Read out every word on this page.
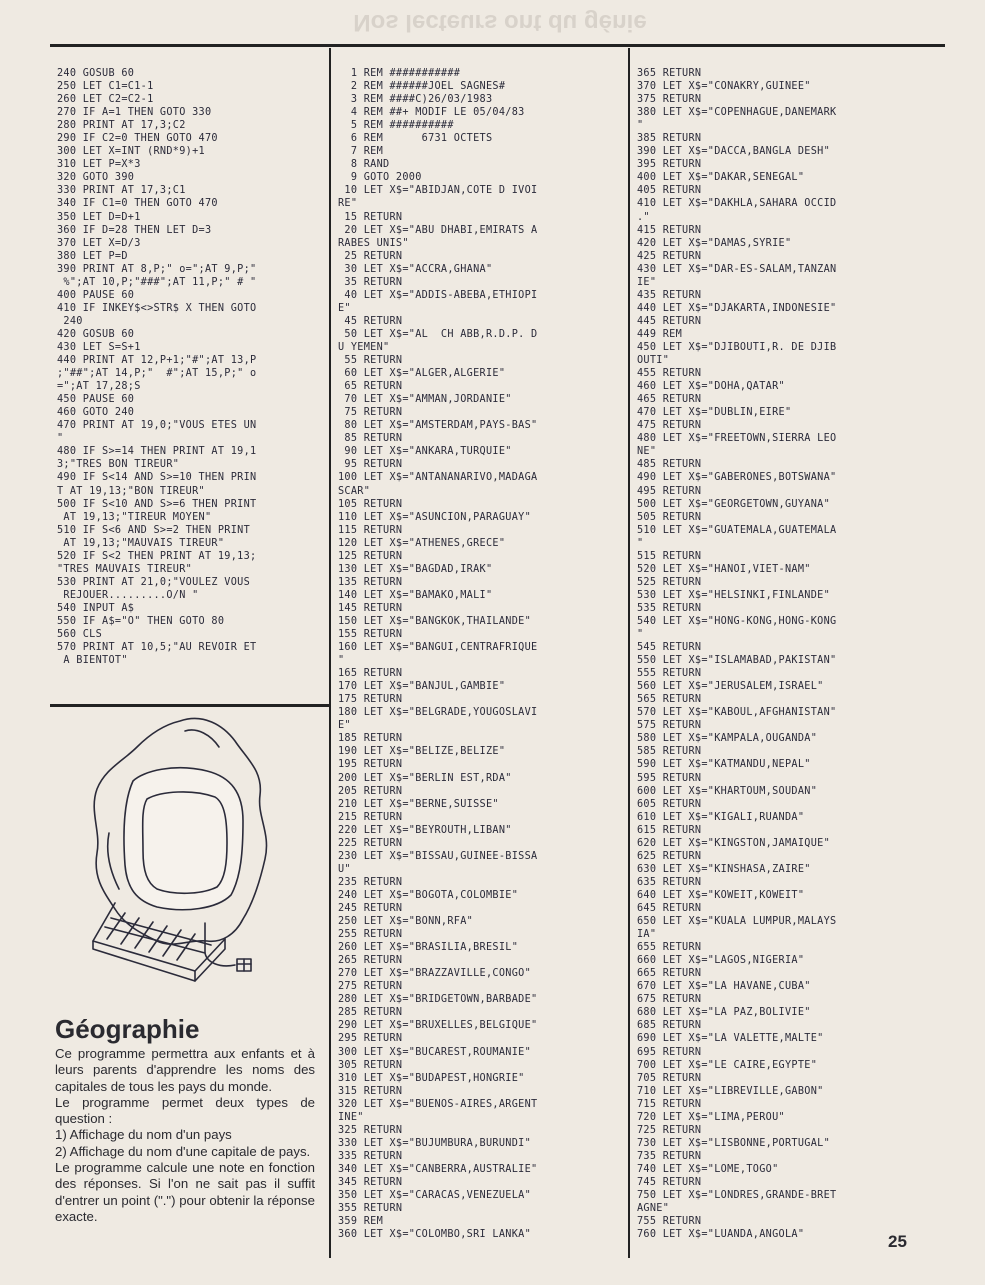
Nos lecteurs ont du génie
240 GOSUB 60
250 LET C1=C1-1
260 LET C2=C2-1
270 IF A=1 THEN GOTO 330
280 PRINT AT 17,3;C2
290 IF C2=0 THEN GOTO 470
300 LET X=INT (RND*9)+1
310 LET P=X*3
320 GOTO 390
330 PRINT AT 17,3;C1
340 IF C1=0 THEN GOTO 470
350 LET D=D+1
360 IF D=28 THEN LET D=3
370 LET X=D/3
380 LET P=D
390 PRINT AT 8,P;" o=";AT 9,P;"
%";AT 10,P;"###";AT 11,P;" # "
400 PAUSE 60
410 IF INKEY$<>STR$ X THEN GOTO
240
420 GOSUB 60
430 LET S=S+1
440 PRINT AT 12,P+1;"#";AT 13,P
;"##";AT 14,P;"  #";AT 15,P;" o
=";AT 17,28;S
450 PAUSE 60
460 GOTO 240
470 PRINT AT 19,0;"VOUS ETES UN
"
480 IF S>=14 THEN PRINT AT 19,1
3;"TRES BON TIREUR"
490 IF S<14 AND S>=10 THEN PRIN
T AT 19,13;"BON TIREUR"
500 IF S<10 AND S>=6 THEN PRINT
AT 19,13;"TIREUR MOYEN"
510 IF S<6 AND S>=2 THEN PRINT
AT 19,13;"MAUVAIS TIREUR"
520 IF S<2 THEN PRINT AT 19,13;
"TRES MAUVAIS TIREUR"
530 PRINT AT 21,0;"VOULEZ VOUS
REJOUER.........O/N "
540 INPUT A$
550 IF A$="O" THEN GOTO 80
560 CLS
570 PRINT AT 10,5;"AU REVOIR ET
A BIENTOT"
1 REM ###########
2 REM ######JOEL SAGNES#
3 REM ####C)26/03/1983
4 REM ##+ MODIF LE 05/04/83
5 REM ##########
6 REM      6731 OCTETS
7 REM
8 RAND
9 GOTO 2000
10 LET X$="ABIDJAN,COTE D IVOI
RE"
15 RETURN
20 LET X$="ABU DHABI,EMIRATS A
RABES UNIS"
25 RETURN
30 LET X$="ACCRA,GHANA"
35 RETURN
40 LET X$="ADDIS-ABEBA,ETHIOPI
E"
45 RETURN
50 LET X$="AL  CH ABB,R.D.P. D
U YEMEN"
55 RETURN
60 LET X$="ALGER,ALGERIE"
65 RETURN
70 LET X$="AMMAN,JORDANIE"
75 RETURN
80 LET X$="AMSTERDAM,PAYS-BAS"
85 RETURN
90 LET X$="ANKARA,TURQUIE"
95 RETURN
100 LET X$="ANTANANARIVO,MADAGA
SCAR"
105 RETURN
110 LET X$="ASUNCION,PARAGUAY"
115 RETURN
120 LET X$="ATHENES,GRECE"
125 RETURN
130 LET X$="BAGDAD,IRAK"
135 RETURN
140 LET X$="BAMAKO,MALI"
145 RETURN
150 LET X$="BANGKOK,THAILANDE"
155 RETURN
160 LET X$="BANGUI,CENTRAFRIQUE
"
165 RETURN
170 LET X$="BANJUL,GAMBIE"
175 RETURN
180 LET X$="BELGRADE,YOUGOSLAVI
E"
185 RETURN
190 LET X$="BELIZE,BELIZE"
195 RETURN
200 LET X$="BERLIN EST,RDA"
205 RETURN
210 LET X$="BERNE,SUISSE"
215 RETURN
220 LET X$="BEYROUTH,LIBAN"
225 RETURN
230 LET X$="BISSAU,GUINEE-BISSA
U"
235 RETURN
240 LET X$="BOGOTA,COLOMBIE"
245 RETURN
250 LET X$="BONN,RFA"
255 RETURN
260 LET X$="BRASILIA,BRESIL"
265 RETURN
270 LET X$="BRAZZAVILLE,CONGO"
275 RETURN
280 LET X$="BRIDGETOWN,BARBADE"
285 RETURN
290 LET X$="BRUXELLES,BELGIQUE"
295 RETURN
300 LET X$="BUCAREST,ROUMANIE"
305 RETURN
310 LET X$="BUDAPEST,HONGRIE"
315 RETURN
320 LET X$="BUENOS-AIRES,ARGENT
INE"
325 RETURN
330 LET X$="BUJUMBURA,BURUNDI"
335 RETURN
340 LET X$="CANBERRA,AUSTRALIE"
345 RETURN
350 LET X$="CARACAS,VENEZUELA"
355 RETURN
359 REM
360 LET X$="COLOMBO,SRI LANKA"
365 RETURN
370 LET X$="CONAKRY,GUINEE"
375 RETURN
380 LET X$="COPENHAGUE,DANEMARK
"
385 RETURN
390 LET X$="DACCA,BANGLA DESH"
395 RETURN
400 LET X$="DAKAR,SENEGAL"
405 RETURN
410 LET X$="DAKHLA,SAHARA OCCID
."
415 RETURN
420 LET X$="DAMAS,SYRIE"
425 RETURN
430 LET X$="DAR-ES-SALAM,TANZAN
IE"
435 RETURN
440 LET X$="DJAKARTA,INDONESIE"
445 RETURN
449 REM
450 LET X$="DJIBOUTI,R. DE DJIB
OUTI"
455 RETURN
460 LET X$="DOHA,QATAR"
465 RETURN
470 LET X$="DUBLIN,EIRE"
475 RETURN
480 LET X$="FREETOWN,SIERRA LEO
NE"
485 RETURN
490 LET X$="GABERONES,BOTSWANA"
495 RETURN
500 LET X$="GEORGETOWN,GUYANA"
505 RETURN
510 LET X$="GUATEMALA,GUATEMALA
"
515 RETURN
520 LET X$="HANOI,VIET-NAM"
525 RETURN
530 LET X$="HELSINKI,FINLANDE"
535 RETURN
540 LET X$="HONG-KONG,HONG-KONG
"
545 RETURN
550 LET X$="ISLAMABAD,PAKISTAN"
555 RETURN
560 LET X$="JERUSALEM,ISRAEL"
565 RETURN
570 LET X$="KABOUL,AFGHANISTAN"
575 RETURN
580 LET X$="KAMPALA,OUGANDA"
585 RETURN
590 LET X$="KATMANDU,NEPAL"
595 RETURN
600 LET X$="KHARTOUM,SOUDAN"
605 RETURN
610 LET X$="KIGALI,RUANDA"
615 RETURN
620 LET X$="KINGSTON,JAMAIQUE"
625 RETURN
630 LET X$="KINSHASA,ZAIRE"
635 RETURN
640 LET X$="KOWEIT,KOWEIT"
645 RETURN
650 LET X$="KUALA LUMPUR,MALAYS
IA"
655 RETURN
660 LET X$="LAGOS,NIGERIA"
665 RETURN
670 LET X$="LA HAVANE,CUBA"
675 RETURN
680 LET X$="LA PAZ,BOLIVIE"
685 RETURN
690 LET X$="LA VALETTE,MALTE"
695 RETURN
700 LET X$="LE CAIRE,EGYPTE"
705 RETURN
710 LET X$="LIBREVILLE,GABON"
715 RETURN
720 LET X$="LIMA,PEROU"
725 RETURN
730 LET X$="LISBONNE,PORTUGAL"
735 RETURN
740 LET X$="LOME,TOGO"
745 RETURN
750 LET X$="LONDRES,GRANDE-BRET
AGNE"
755 RETURN
760 LET X$="LUANDA,ANGOLA"
Géographie
Ce programme permettra aux enfants et à leurs parents d'apprendre les noms des capitales de tous les pays du monde.
Le programme permet deux types de question :
1) Affichage du nom d'un pays
2) Affichage du nom d'une capitale de pays.
Le programme calcule une note en fonction des réponses. Si l'on ne sait pas il suffit d'entrer un point (".") pour obtenir la réponse exacte.
25
